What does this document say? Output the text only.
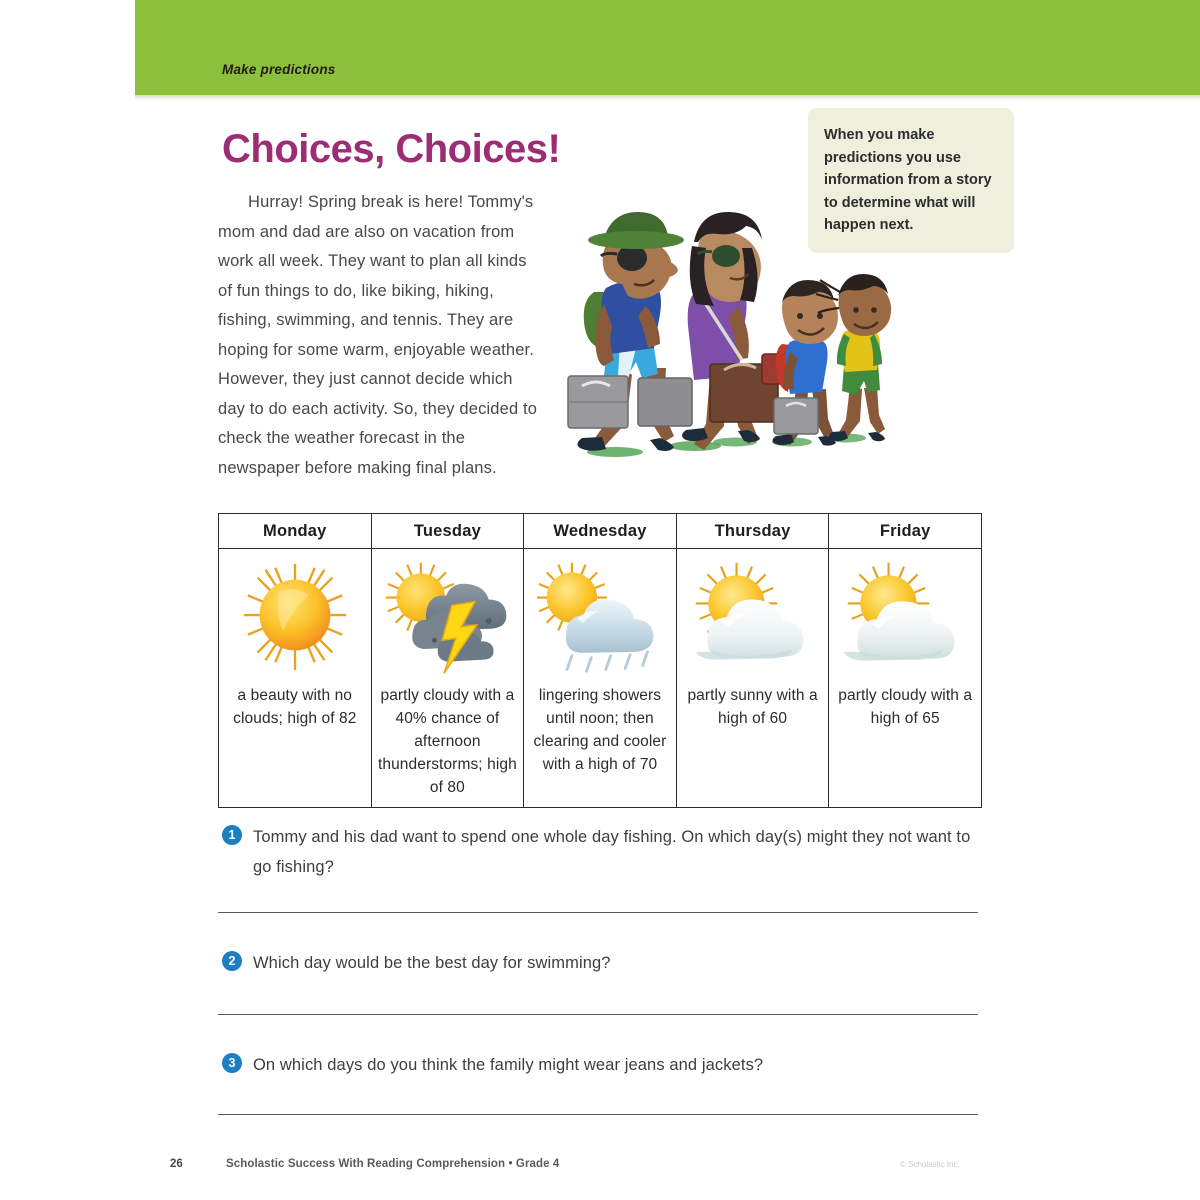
Make predictions
Choices, Choices!
Hurray! Spring break is here! Tommy's mom and dad are also on vacation from work all week. They want to plan all kinds of fun things to do, like biking, hiking, fishing, swimming, and tennis. They are hoping for some warm, enjoyable weather. However, they just cannot decide which day to do each activity. So, they decided to check the weather forecast in the newspaper before making final plans.
When you make predictions you use information from a story to determine what will happen next.
Monday	Tuesday	Wednesday	Thursday	Friday

a beauty with no clouds; high of 82	partly cloudy with a 40% chance of afternoon thunderstorms; high of 80	lingering showers until noon; then clearing and cooler with a high of 70	partly sunny with a high of 60	partly cloudy with a high of 65
1	Tommy and his dad want to spend one whole day fishing. On which day(s) might they not want to go fishing?
2	Which day would be the best day for swimming?
3	On which days do you think the family might wear jeans and jackets?
26	Scholastic Success With Reading Comprehension • Grade 4	© Scholastic Inc.
